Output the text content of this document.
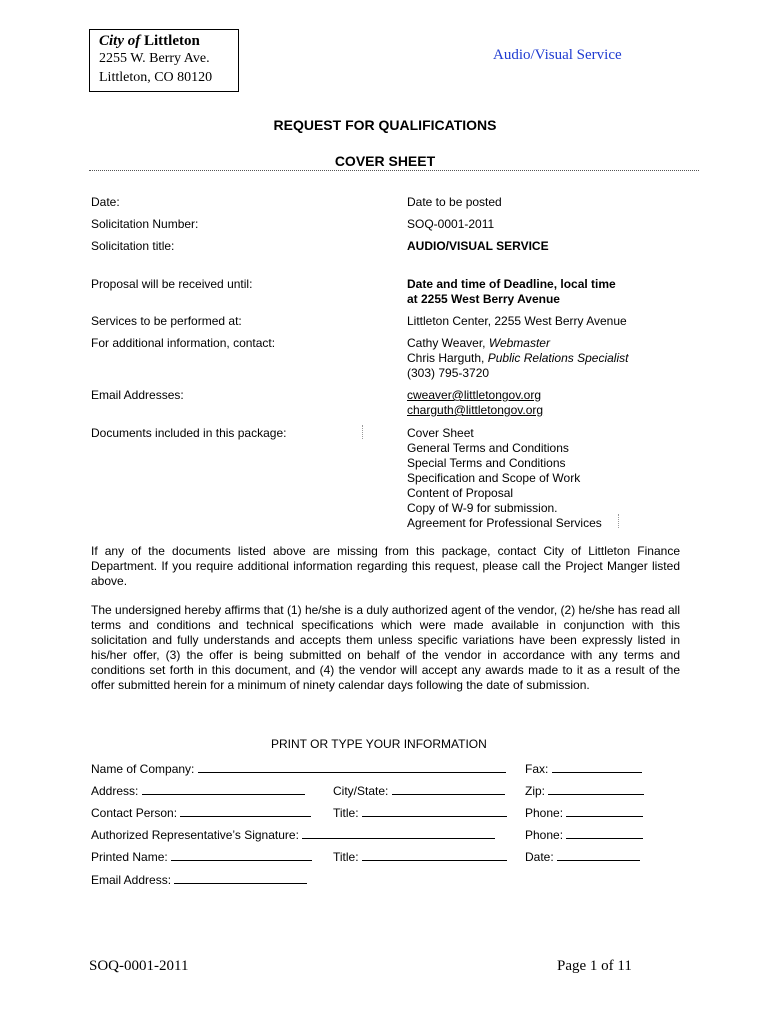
City of Littleton
2255 W. Berry Ave.
Littleton, CO 80120
Audio/Visual Service
REQUEST FOR QUALIFICATIONS
COVER SHEET
Date:	Date to be posted
Solicitation Number:	SOQ-0001-2011
Solicitation title:	AUDIO/VISUAL SERVICE
Proposal will be received until:	Date and time of Deadline, local time
at 2255 West Berry Avenue
Services to be performed at:	Littleton Center, 2255 West Berry Avenue
For additional information, contact:	Cathy Weaver, Webmaster
Chris Harguth, Public Relations Specialist
(303) 795-3720
Email Addresses:	cweaver@littletongov.org
charguth@littletongov.org
Documents included in this package:	Cover Sheet
General Terms and Conditions
Special Terms and Conditions
Specification and Scope of Work
Content of Proposal
Copy of W-9 for submission.
Agreement for Professional Services
If any of the documents listed above are missing from this package, contact City of Littleton Finance Department. If you require additional information regarding this request, please call the Project Manger listed above.
The undersigned hereby affirms that (1) he/she is a duly authorized agent of the vendor, (2) he/she has read all terms and conditions and technical specifications which were made available in conjunction with this solicitation and fully understands and accepts them unless specific variations have been expressly listed in his/her offer, (3) the offer is being submitted on behalf of the vendor in accordance with any terms and conditions set forth in this document, and (4) the vendor will accept any awards made to it as a result of the offer submitted herein for a minimum of ninety calendar days following the date of submission.
PRINT OR TYPE YOUR INFORMATION
Name of Company:	Fax:
Address:	City/State:	Zip:
Contact Person:	Title:	Phone:
Authorized Representative’s Signature:	Phone:
Printed Name:	Title:	Date:
Email Address:
SOQ-0001-2011	Page 1 of 11
